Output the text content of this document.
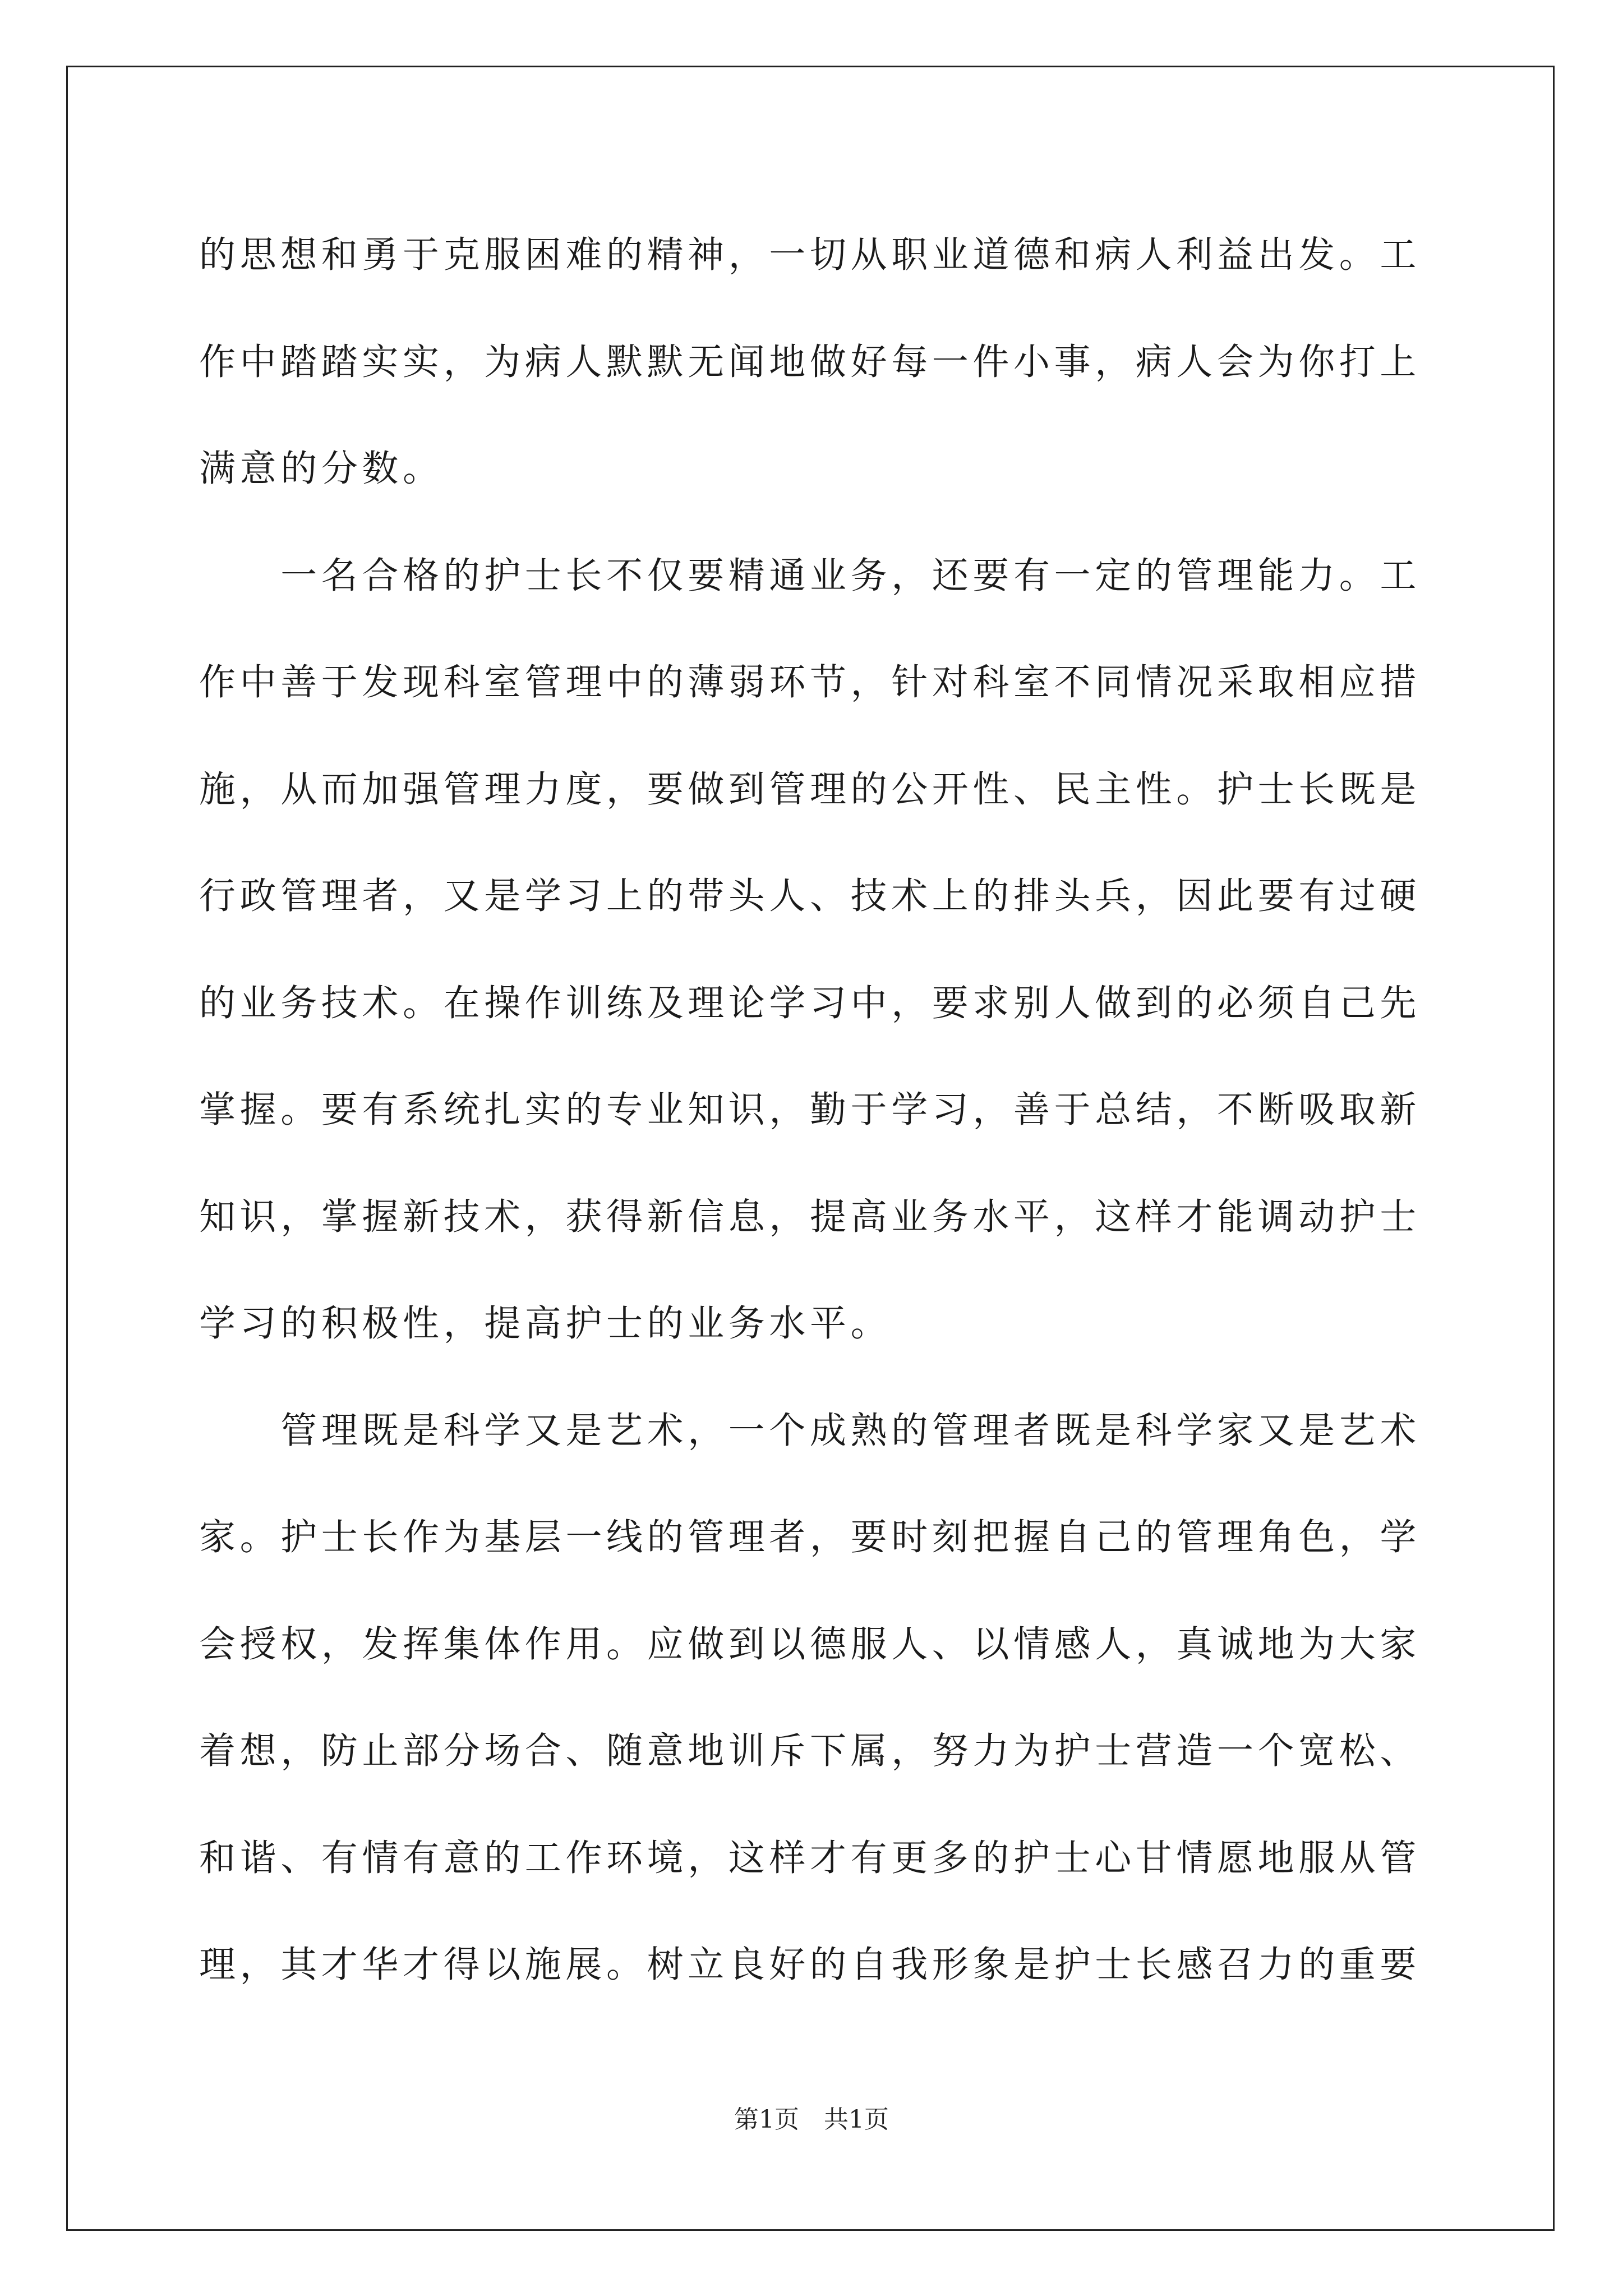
的思想和勇于克服困难的精神，一切从职业道德和病人利益出发。工
作中踏踏实实，为病人默默无闻地做好每一件小事，病人会为你打上
满意的分数。
　　一名合格的护士长不仅要精通业务，还要有一定的管理能力。工
作中善于发现科室管理中的薄弱环节，针对科室不同情况采取相应措
施，从而加强管理力度，要做到管理的公开性、民主性。护士长既是
行政管理者，又是学习上的带头人、技术上的排头兵，因此要有过硬
的业务技术。在操作训练及理论学习中，要求别人做到的必须自己先
掌握。要有系统扎实的专业知识，勤于学习，善于总结，不断吸取新
知识，掌握新技术，获得新信息，提高业务水平，这样才能调动护士
学习的积极性，提高护士的业务水平。
　　管理既是科学又是艺术，一个成熟的管理者既是科学家又是艺术
家。护士长作为基层一线的管理者，要时刻把握自己的管理角色，学
会授权，发挥集体作用。应做到以德服人、以情感人，真诚地为大家
着想，防止部分场合、随意地训斥下属，努力为护士营造一个宽松、
和谐、有情有意的工作环境，这样才有更多的护士心甘情愿地服从管
理，其才华才得以施展。树立良好的自我形象是护士长感召力的重要
第1页　共1页
